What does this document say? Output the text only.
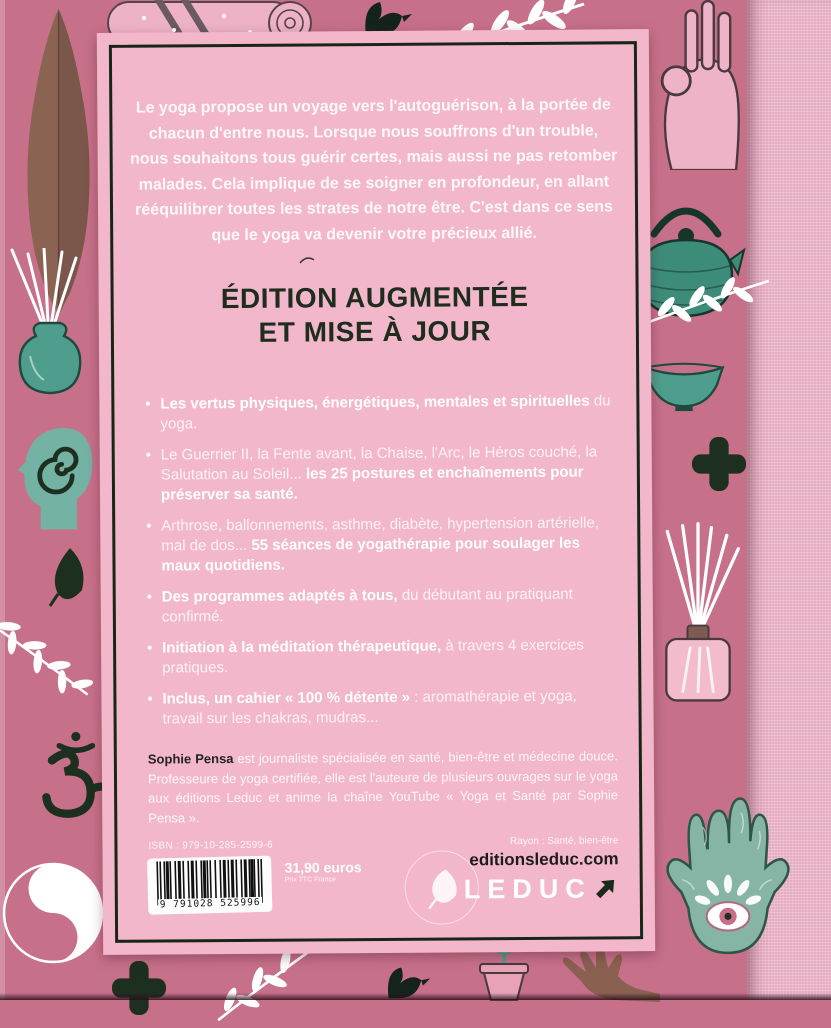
Le yoga propose un voyage vers l'autoguérison, à la portée de chacun d'entre nous. Lorsque nous souffrons d'un trouble, nous souhaitons tous guérir certes, mais aussi ne pas retomber malades. Cela implique de se soigner en profondeur, en allant rééquilibrer toutes les strates de notre être. C'est dans ce sens que le yoga va devenir votre précieux allié.

ÉDITION AUGMENTÉE
ET MISE À JOUR
• Les vertus physiques, énergétiques, mentales et spirituelles du yoga.
• Le Guerrier II, la Fente avant, la Chaise, l'Arc, le Héros couché, la Salutation au Soleil... les 25 postures et enchaînements pour préserver sa santé.
• Arthrose, ballonnements, asthme, diabète, hypertension artérielle, mal de dos... 55 séances de yogathérapie pour soulager les maux quotidiens.
• Des programmes adaptés à tous, du débutant au pratiquant confirmé.
• Initiation à la méditation thérapeutique, à travers 4 exercices pratiques.
• Inclus, un cahier « 100 % détente » : aromathérapie et yoga, travail sur les chakras, mudras...

Sophie Pensa est journaliste spécialisée en santé, bien-être et médecine douce. Professeure de yoga certifiée, elle est l'auteure de plusieurs ouvrages sur le yoga aux éditions Leduc et anime la chaîne YouTube « Yoga et Santé par Sophie Pensa ».

ISBN : 979-10-285-2599-6
9 791028 525996
31,90 euros
Prix TTC France
Rayon : Santé, bien-être
editionsleduc.com
LEDUC
